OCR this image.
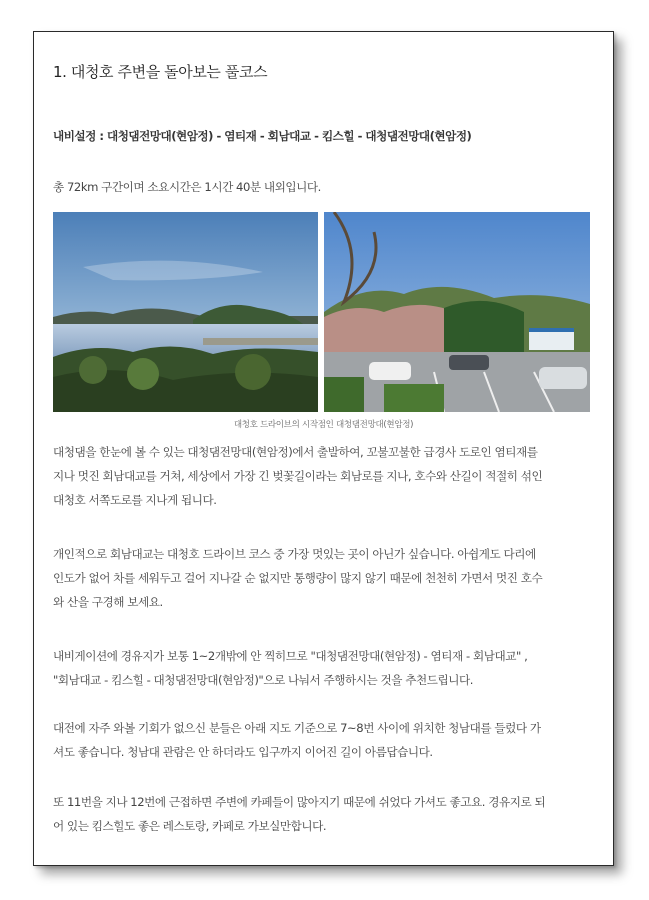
1. 대청호 주변을 돌아보는 풀코스

내비설정 : 대청댐전망대(현암정) - 염티재 - 회남대교 - 킴스힐 - 대청댐전망대(현암정)

총 72km 구간이며 소요시간은 1시간 40분 내외입니다.

대청호 드라이브의 시작점인 대청댐전망대(현암정)

대청댐을 한눈에 볼 수 있는 대청댐전망대(현암정)에서 출발하여, 꼬불꼬불한 급경사 도로인 염티재를

지나 멋진 회남대교를 거쳐, 세상에서 가장 긴 벚꽃길이라는 회남로를 지나, 호수와 산길이 적절히 섞인

대청호 서쪽도로를 지나게 됩니다.

개인적으로 회남대교는 대청호 드라이브 코스 중 가장 멋있는 곳이 아닌가 싶습니다. 아쉽게도 다리에

인도가 없어 차를 세워두고 걸어 지나갈 순 없지만 통행량이 많지 않기 때문에 천천히 가면서 멋진 호수

와 산을 구경해 보세요.

내비게이션에 경유지가 보통 1~2개밖에 안 찍히므로 "대청댐전망대(현암정) - 염티재 - 회남대교" ,

"회남대교 - 킴스힐 - 대청댐전망대(현암정)"으로 나눠서 주행하시는 것을 추천드립니다.

대전에 자주 와볼 기회가 없으신 분들은 아래 지도 기준으로 7~8번 사이에 위치한 청남대를 들렀다 가

셔도 좋습니다. 청남대 관람은 안 하더라도 입구까지 이어진 길이 아름답습니다.

또 11번을 지나 12번에 근접하면 주변에 카페들이 많아지기 때문에 쉬었다 가셔도 좋고요. 경유지로 되

어 있는 킴스힐도 좋은 레스토랑, 카페로 가보실만합니다.
